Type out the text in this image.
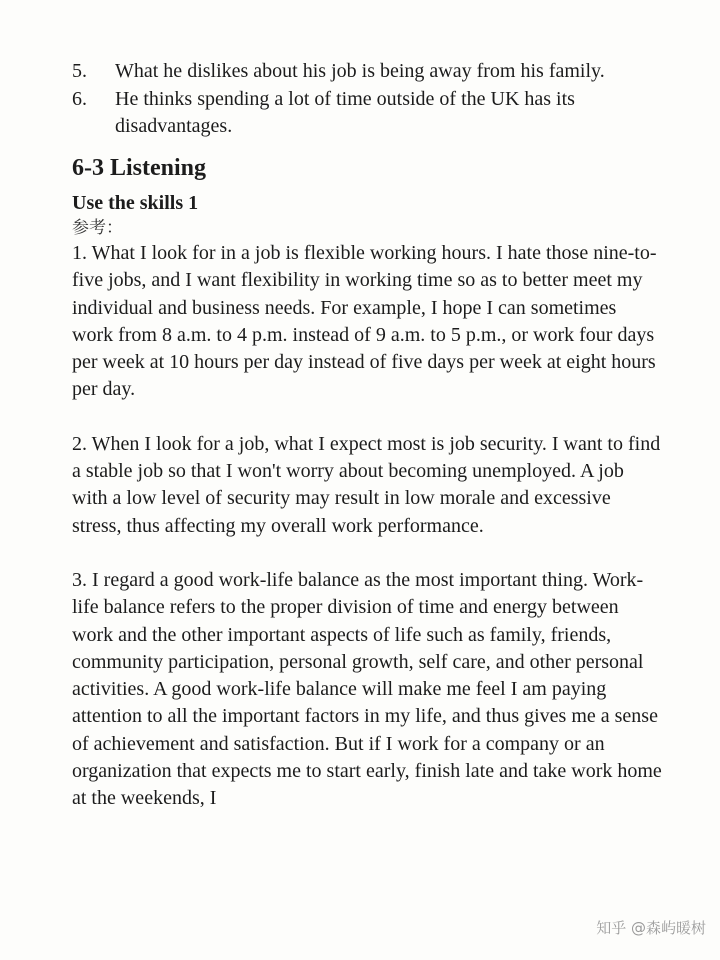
5. What he dislikes about his job is being away from his family.
6. He thinks spending a lot of time outside of the UK has its disadvantages.
6-3 Listening
Use the skills 1
参考：

1. What I look for in a job is flexible working hours. I hate those nine-to-five jobs, and I want flexibility in working time so as to better meet my individual and business needs. For example, I hope I can sometimes work from 8 a.m. to 4 p.m. instead of 9 a.m. to 5 p.m., or work four days per week at 10 hours per day instead of five days per week at eight hours per day.

2. When I look for a job, what I expect most is job security. I want to find a stable job so that I won't worry about becoming unemployed. A job with a low level of security may result in low morale and excessive stress, thus affecting my overall work performance.

3. I regard a good work-life balance as the most important thing. Work-life balance refers to the proper division of time and energy between work and the other important aspects of life such as family, friends, community participation, personal growth, self care, and other personal activities. A good work-life balance will make me feel I am paying attention to all the important factors in my life, and thus gives me a sense of achievement and satisfaction. But if I work for a company or an organization that expects me to start early, finish late and take work home at the weekends, I

知乎 @森屿暖树
